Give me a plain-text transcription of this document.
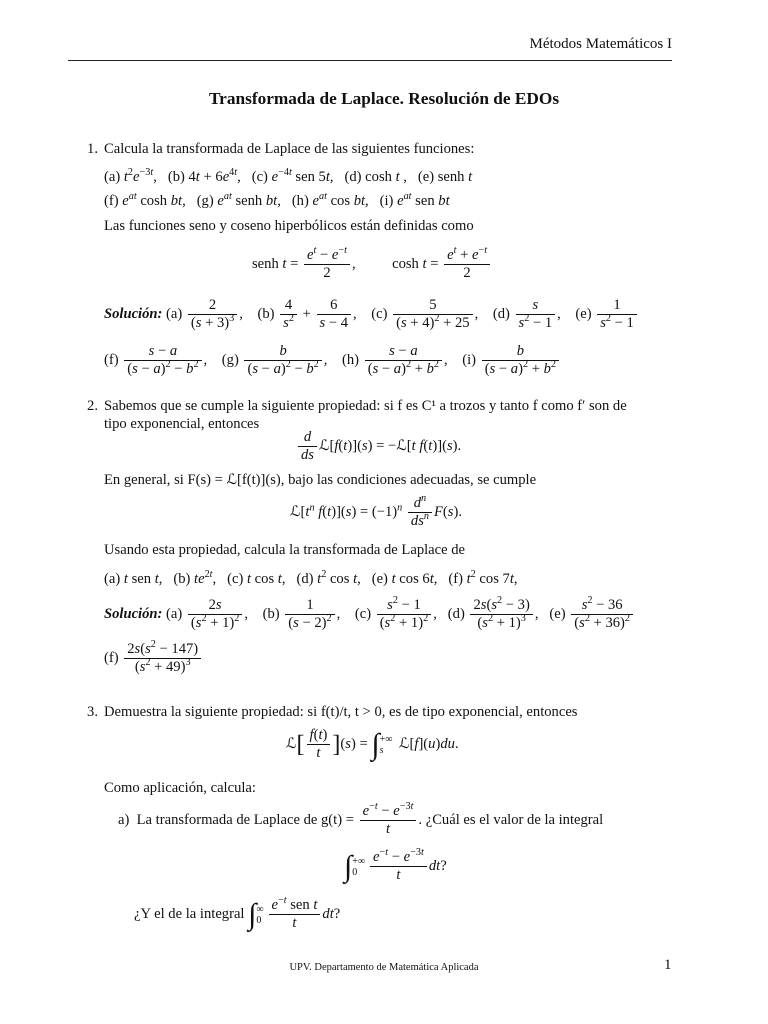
Métodos Matemáticos I
Transformada de Laplace. Resolución de EDOs
1. Calcula la transformada de Laplace de las siguientes funciones:
(a) $t^2e^{-3t}$,   (b) $4t + 6e^{4t}$,   (c) $e^{-4t}$ sen 5t,   (d) cosh t ,   (e) senh t
(f) $e^{at}$ cosh bt,   (g) $e^{at}$ senh bt,   (h) $e^{at}$ cos bt,   (i) $e^{at}$ sen bt
Las funciones seno y coseno hiperbólicos están definidas como
senh $t = \frac{e^t - e^{-t}}{2}$ ,          $\cosh t = \frac{e^t + e^{-t}}{2}$
Solución: $(a) \frac{2}{(s + 3)^3}$ ,    $(b) \frac{4}{s^2} + \frac{6}{s - 4}$ ,    $(c) \frac{5}{(s + 4)^2 + 25}$ ,    $(d) \frac{s}{s^2 - 1}$ ,    $(e) \frac{1}{s^2 - 1}$
$(f) \frac{s - a}{(s - a)^2 - b^2}$ ,    $(g) \frac{b}{(s - a)^2 - b^2}$ ,    $(h) \frac{s - a}{(s - a)^2 + b^2}$ ,    $(i) \frac{b}{(s - a)^2 + b^2}$
2. Sabemos que se cumple la siguiente propiedad: si f es C¹ a trozos y tanto f como f′ son de
tipo exponencial, entonces
$\frac{d}{ds}$ ℒ[f(t)](s) = −ℒ[t f(t)](s).
En general, si F(s) = ℒ[f(t)](s), bajo las condiciones adecuadas, se cumple
$ℒ[t^n$ $f(t)](s) = (-1)^n \frac{d^n}{ds^n} F(s)$.
Usando esta propiedad, calcula la transformada de Laplace de
(a) t sen t,   (b) $te^{2t}$,   (c) t cos t,   (d) $t^2$ cos t,   (e) t cos 6t,   (f) $t^2$ cos 7t,
Solución: $(a) \frac{2s}{(s^2 + 1)^2}$ ,    $(b) \frac{1}{(s - 2)^2}$ ,    $(c) \frac{s^2 - 1}{(s^2 + 1)^2}$ ,   $(d) \frac{2s(s^2 - 3)}{(s^2 + 1)^3}$ ,   $(e) \frac{s^2 - 36}{(s^2 + 36)^2}$
$(f) \frac{2s(s^2 - 147)}{(s^2 + 49)^3}$
3. Demuestra la siguiente propiedad: si f(t)/t, t > 0, es de tipo exponencial, entonces
ℒ[ $\frac{f(t)}{t} ](s)$ = ∫ +∞
s ℒ[f](u)du.
Como aplicación, calcula:
a) La transformada de Laplace de $g(t) = \frac{e^{-t} - e^{-3t}}{t}$ . ¿Cuál es el valor de la integral
∫ +∞
$0 \frac{e^{-t} - e^{-3t}}{t}$ dt?
¿Y el de la integral ∫ ∞
$0 \frac{e^{-t} sen t}{t}$ dt?
UPV. Departamento de Matemática Aplicada	1
